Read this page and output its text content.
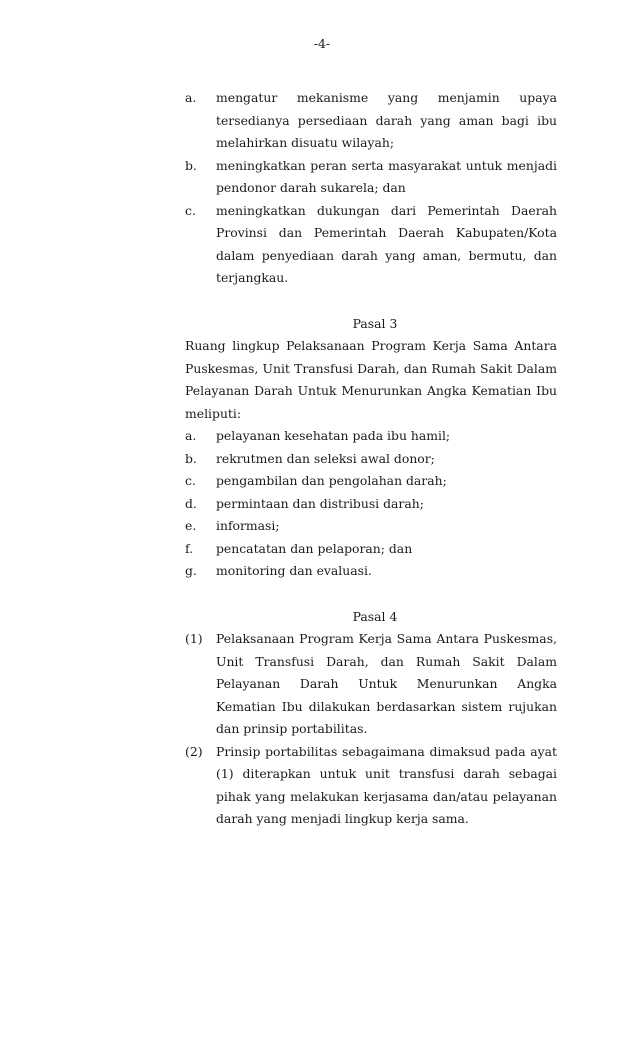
-4-
a.	mengatur mekanisme yang menjamin upaya tersedianya persediaan darah yang aman bagi ibu melahirkan disuatu wilayah;
b.	meningkatkan peran serta masyarakat untuk menjadi pendonor darah sukarela; dan
c.	meningkatkan dukungan dari Pemerintah Daerah Provinsi dan Pemerintah Daerah Kabupaten/Kota dalam penyediaan darah yang aman, bermutu, dan terjangkau.
Pasal 3
Ruang lingkup Pelaksanaan Program Kerja Sama Antara Puskesmas, Unit Transfusi Darah, dan Rumah Sakit Dalam Pelayanan Darah Untuk Menurunkan Angka Kematian Ibu meliputi:
a.	pelayanan kesehatan pada ibu hamil;
b.	rekrutmen dan seleksi awal donor;
c.	pengambilan dan pengolahan darah;
d.	permintaan dan distribusi darah;
e.	informasi;
f.	pencatatan dan pelaporan; dan
g.	monitoring dan evaluasi.
Pasal 4
(1)	Pelaksanaan Program Kerja Sama Antara Puskesmas, Unit Transfusi Darah, dan Rumah Sakit Dalam Pelayanan Darah Untuk Menurunkan Angka Kematian Ibu dilakukan berdasarkan sistem rujukan dan prinsip portabilitas.
(2)	Prinsip portabilitas sebagaimana dimaksud pada ayat (1) diterapkan untuk unit transfusi darah sebagai pihak yang melakukan kerjasama dan/atau pelayanan darah yang menjadi lingkup kerja sama.
